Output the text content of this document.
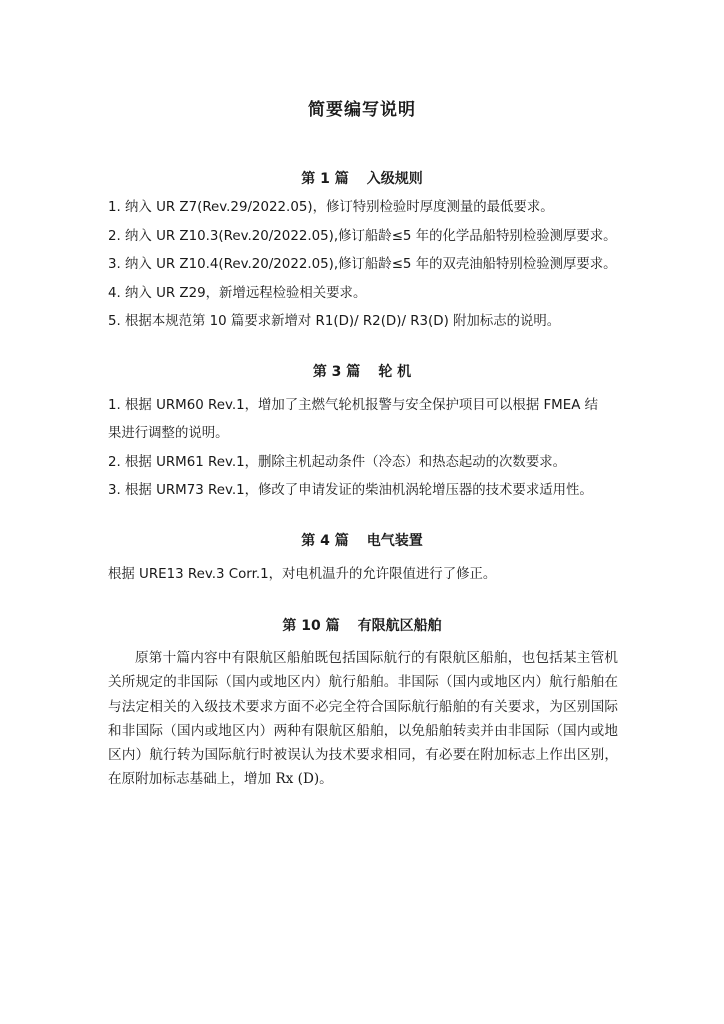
简要编写说明
第 1 篇 入级规则
1. 纳入 UR Z7(Rev.29/2022.05)，修订特别检验时厚度测量的最低要求。
2. 纳入 UR Z10.3(Rev.20/2022.05),修订船龄≤5 年的化学品船特别检验测厚要求。
3. 纳入 UR Z10.4(Rev.20/2022.05),修订船龄≤5 年的双壳油船特别检验测厚要求。
4. 纳入 UR Z29，新增远程检验相关要求。
5. 根据本规范第 10 篇要求新增对 R1(D)/ R2(D)/ R3(D) 附加标志的说明。
第 3 篇 轮 机
1. 根据 URM60 Rev.1，增加了主燃气轮机报警与安全保护项目可以根据 FMEA 结
果进行调整的说明。
2. 根据 URM61 Rev.1，删除主机起动条件（冷态）和热态起动的次数要求。
3. 根据 URM73 Rev.1，修改了申请发证的柴油机涡轮增压器的技术要求适用性。
第 4 篇 电气装置
根据 URE13 Rev.3 Corr.1，对电机温升的允许限值进行了修正。
第 10 篇 有限航区船舶
原第十篇内容中有限航区船舶既包括国际航行的有限航区船舶，也包括某主管机关所规定的非国际（国内或地区内）航行船舶。非国际（国内或地区内）航行船舶在与法定相关的入级技术要求方面不必完全符合国际航行船舶的有关要求，为区别国际和非国际（国内或地区内）两种有限航区船舶，以免船舶转卖并由非国际（国内或地区内）航行转为国际航行时被误认为技术要求相同，有必要在附加标志上作出区别，在原附加标志基础上，增加 Rx (D)。
